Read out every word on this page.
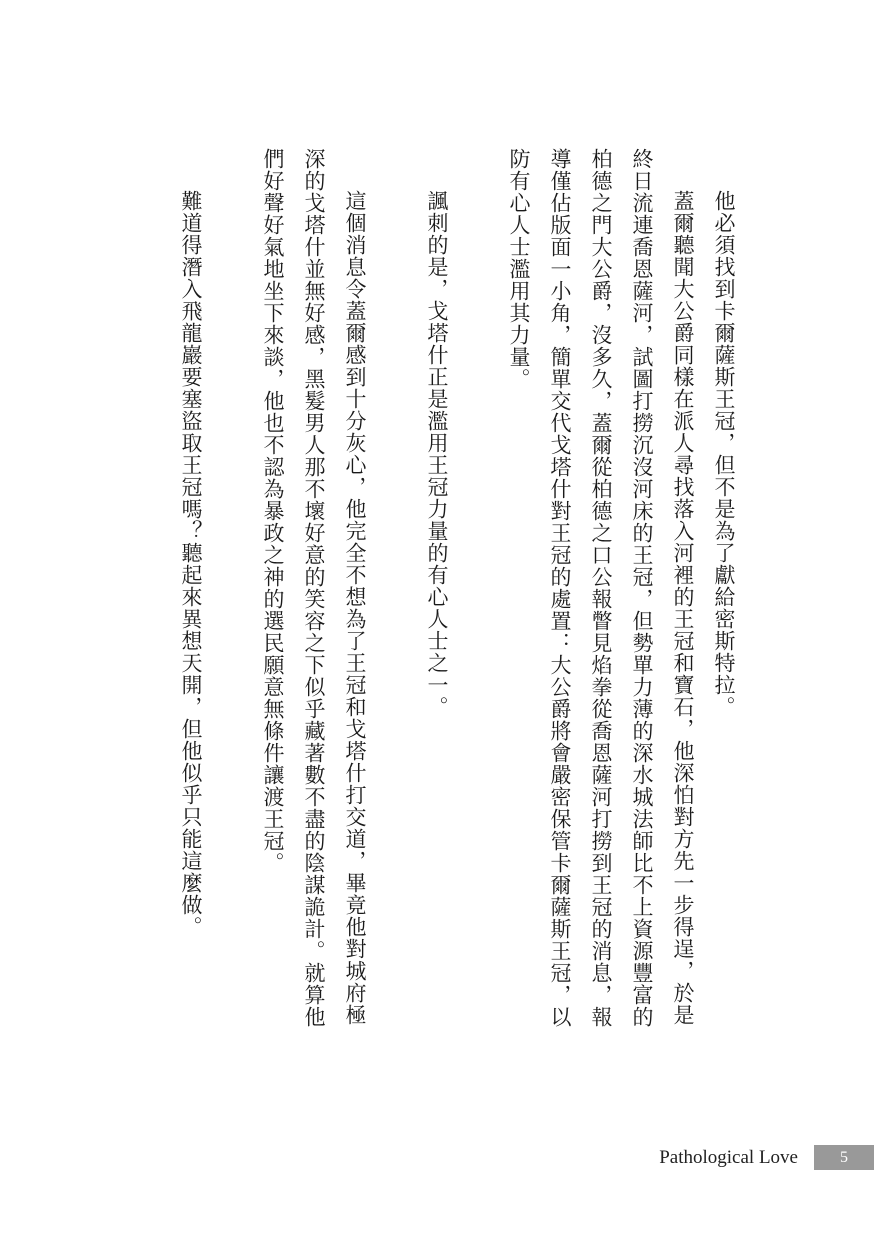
他必須找到卡爾薩斯王冠，但不是為了獻給密斯特拉。

蓋爾聽聞大公爵同樣在派人尋找落入河裡的王冠和寶石，他深怕對方先一步得逞，於是終日流連喬恩薩河，試圖打撈沉沒河床的王冠，但勢單力薄的深水城法師比不上資源豐富的柏德之門大公爵，沒多久，蓋爾從柏德之口公報瞥見焰拳從喬恩薩河打撈到王冠的消息，報導僅佔版面一小角，簡單交代戈塔什對王冠的處置：大公爵將會嚴密保管卡爾薩斯王冠，以防有心人士濫用其力量。

諷刺的是，戈塔什正是濫用王冠力量的有心人士之一。

這個消息令蓋爾感到十分灰心，他完全不想為了王冠和戈塔什打交道，畢竟他對城府極深的戈塔什並無好感，黑髮男人那不壞好意的笑容之下似乎藏著數不盡的陰謀詭計。就算他們好聲好氣地坐下來談，他也不認為暴政之神的選民願意無條件讓渡王冠。

難道得潛入飛龍巖要塞盜取王冠嗎？聽起來異想天開，但他似乎只能這麼做。

Pathological Love	5
